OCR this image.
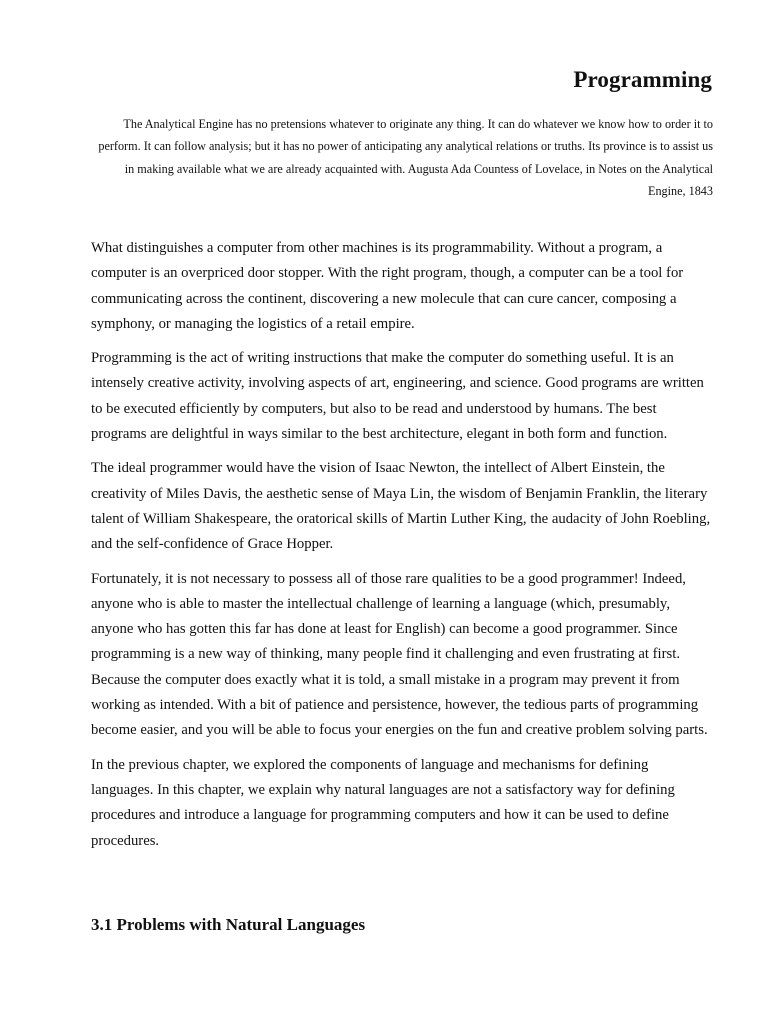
Programming

The Analytical Engine has no pretensions whatever to originate any thing. It can do whatever we know how to order it to perform. It can follow analysis; but it has no power of anticipating any analytical relations or truths. Its province is to assist us in making available what we are already acquainted with. Augusta Ada Countess of Lovelace, in Notes on the Analytical Engine, 1843

What distinguishes a computer from other machines is its programmability. Without a program, a computer is an overpriced door stopper. With the right program, though, a computer can be a tool for communicating across the continent, discovering a new molecule that can cure cancer, composing a symphony, or managing the logistics of a retail empire.

Programming is the act of writing instructions that make the computer do something useful. It is an intensely creative activity, involving aspects of art, engineering, and science. Good programs are written to be executed efficiently by computers, but also to be read and understood by humans. The best programs are delightful in ways similar to the best architecture, elegant in both form and function.

The ideal programmer would have the vision of Isaac Newton, the intellect of Albert Einstein, the creativity of Miles Davis, the aesthetic sense of Maya Lin, the wisdom of Benjamin Franklin, the literary talent of William Shakespeare, the oratorical skills of Martin Luther King, the audacity of John Roebling, and the self-confidence of Grace Hopper.

Fortunately, it is not necessary to possess all of those rare qualities to be a good programmer! Indeed, anyone who is able to master the intellectual challenge of learning a language (which, presumably, anyone who has gotten this far has done at least for English) can become a good programmer. Since programming is a new way of thinking, many people find it challenging and even frustrating at first. Because the computer does exactly what it is told, a small mistake in a program may prevent it from working as intended. With a bit of patience and persistence, however, the tedious parts of programming become easier, and you will be able to focus your energies on the fun and creative problem solving parts.

In the previous chapter, we explored the components of language and mechanisms for defining languages. In this chapter, we explain why natural languages are not a satisfactory way for defining procedures and introduce a language for programming computers and how it can be used to define procedures.

3.1 Problems with Natural Languages
